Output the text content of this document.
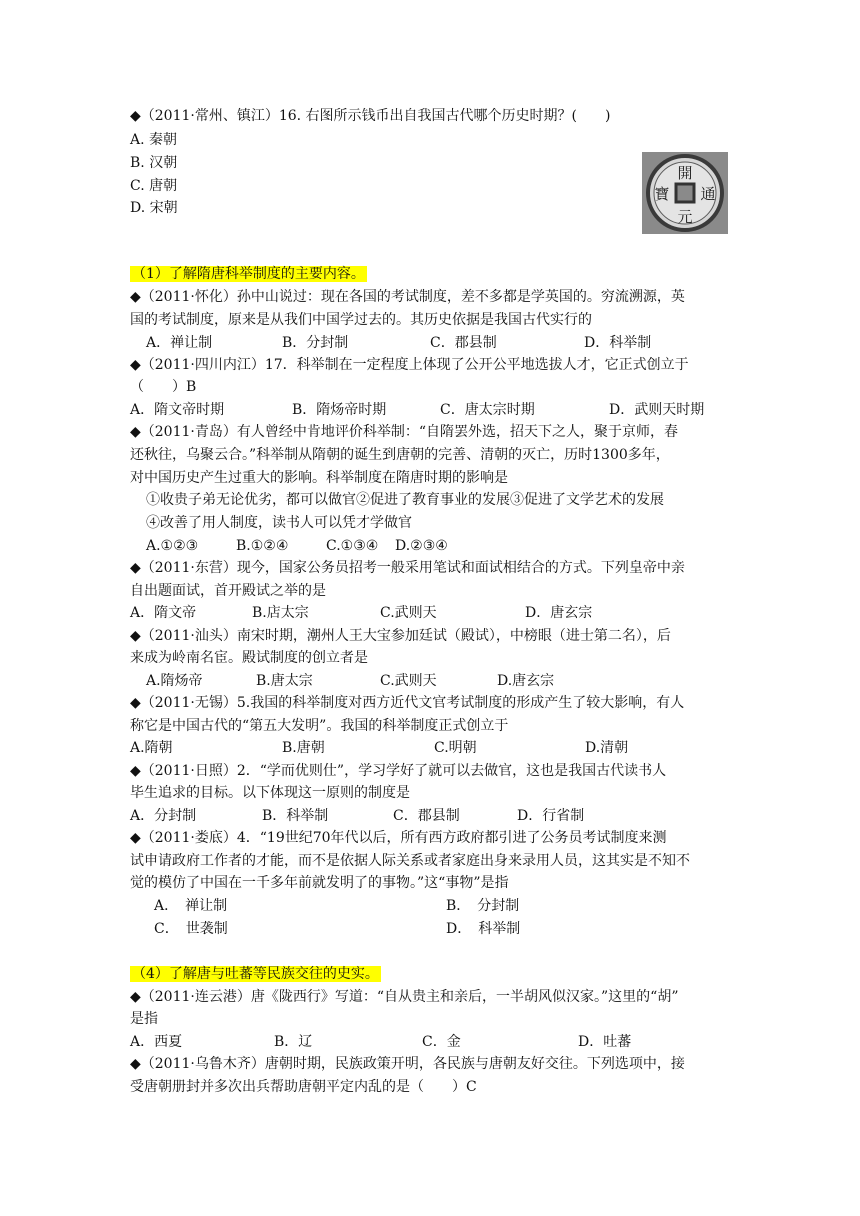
◆（2011·常州、镇江）16. 右图所示钱币出自我国古代哪个历史时期？(　　)
A. 秦朝
B. 汉朝
C. 唐朝
D. 宋朝
開
通
元
寶
（1）了解隋唐科举制度的主要内容。
◆（2011·怀化）孙中山说过：现在各国的考试制度，差不多都是学英国的。穷流溯源，英
国的考试制度，原来是从我们中国学过去的。其历史依据是我国古代实行的
A．禅让制	B．分封制	C．郡县制	D．科举制
◆（2011·四川内江）17．科举制在一定程度上体现了公开公平地选拔人才，它正式创立于
（　　）B
A．隋文帝时期	B．隋炀帝时期	C．唐太宗时期	D．武则天时期
◆（2011·青岛）有人曾经中肯地评价科举制：“自隋罢外选，招天下之人，聚于京师，春
还秋往，乌聚云合。”科举制从隋朝的诞生到唐朝的完善、清朝的灭亡，历时1300多年，
对中国历史产生过重大的影响。科举制度在隋唐时期的影响是
①收贵子弟无论优劣，都可以做官②促进了教育事业的发展③促进了文学艺术的发展
④改善了用人制度，读书人可以凭才学做官
A.①②③	B.①②④	C.①③④ D.②③④
◆（2011·东营）现今，国家公务员招考一般采用笔试和面试相结合的方式。下列皇帝中亲
自出题面试，首开殿试之举的是
A．隋文帝	B.店太宗	C.武则天	D．唐玄宗
◆（2011·汕头）南宋时期，潮州人王大宝参加廷试（殿试），中榜眼（进士第二名），后
来成为岭南名宦。殿试制度的创立者是
A.隋炀帝	B.唐太宗	C.武则天	D.唐玄宗
◆（2011·无锡）5.我国的科举制度对西方近代文官考试制度的形成产生了较大影响，有人
称它是中国古代的“第五大发明”。我国的科举制度正式创立于
A.隋朝	B.唐朝	C.明朝	D.清朝
◆（2011·日照）2．“学而优则仕”，学习学好了就可以去做官，这也是我国古代读书人
毕生追求的目标。以下体现这一原则的制度是
A．分封制	B．科举制	C．郡县制	D．行省制
◆（2011·娄底）4．“19世纪70年代以后，所有西方政府都引进了公务员考试制度来测
试申请政府工作者的才能，而不是依据人际关系或者家庭出身来录用人员，这其实是不知不
觉的模仿了中国在一千多年前就发明了的事物。”这“事物”是指
A．　禅让制	B．　分封制
C．　世袭制	D．　科举制
（4）了解唐与吐蕃等民族交往的史实。
◆（2011·连云港）唐《陇西行》写道：“自从贵主和亲后，一半胡风似汉家。”这里的“胡”
是指
A．西夏	B．辽	C．金	D．吐蕃
◆（2011·乌鲁木齐）唐朝时期，民族政策开明，各民族与唐朝友好交往。下列选项中，接
受唐朝册封并多次出兵帮助唐朝平定内乱的是（　　）C
